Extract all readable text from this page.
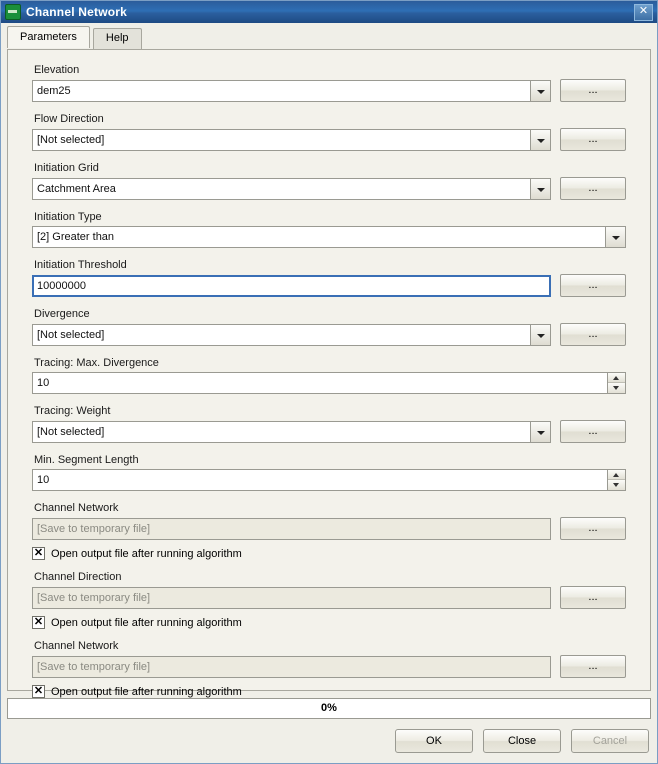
Channel Network	✕
Parameters	Help
Elevation
dem25	...
Flow Direction
[Not selected]	...
Initiation Grid
Catchment Area	...
Initiation Type
[2] Greater than
Initiation Threshold
10000000	...
Divergence
[Not selected]	...
Tracing: Max. Divergence
10
Tracing: Weight
[Not selected]	...
Min. Segment Length
10
Channel Network
[Save to temporary file]	...
✕ Open output file after running algorithm
Channel Direction
[Save to temporary file]	...
✕ Open output file after running algorithm
Channel Network
[Save to temporary file]	...
✕ Open output file after running algorithm
0%
OK	Close	Cancel
